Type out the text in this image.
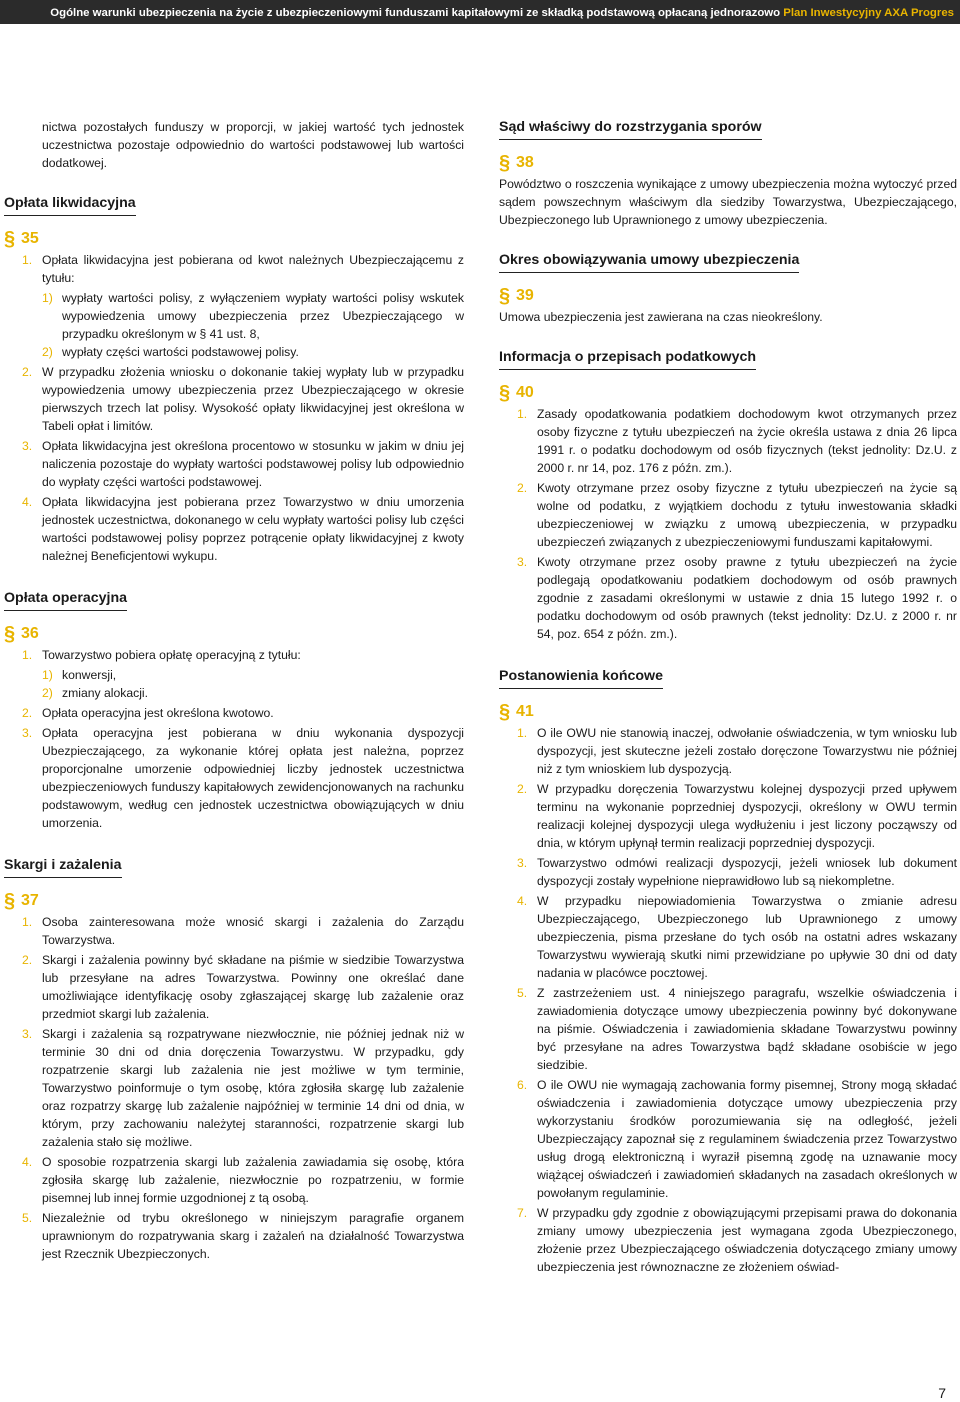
Ogólne warunki ubezpieczenia na życie z ubezpieczeniowymi funduszami kapitałowymi ze składką podstawową opłacaną jednorazowo Plan Inwestycyjny AXA Progres

nictwa pozostałych funduszy w proporcji, w jakiej wartość tych jednostek uczestnictwa pozostaje odpowiednio do wartości podstawowej lub wartości dodatkowej.

Opłata likwidacyjna
§ 35
1. Opłata likwidacyjna jest pobierana od kwot należnych Ubezpieczającemu z tytułu:
1) wypłaty wartości polisy, z wyłączeniem wypłaty wartości polisy wskutek wypowiedzenia umowy ubezpieczenia przez Ubezpieczającego w przypadku określonym w § 41 ust. 8,
2) wypłaty części wartości podstawowej polisy.
2. W przypadku złożenia wniosku o dokonanie takiej wypłaty lub w przypadku wypowiedzenia umowy ubezpieczenia przez Ubezpieczającego w okresie pierwszych trzech lat polisy. Wysokość opłaty likwidacyjnej jest określona w Tabeli opłat i limitów.
3. Opłata likwidacyjna jest określona procentowo w stosunku w jakim w dniu jej naliczenia pozostaje do wypłaty wartości podstawowej polisy lub odpowiednio do wypłaty części wartości podstawowej.
4. Opłata likwidacyjna jest pobierana przez Towarzystwo w dniu umorzenia jednostek uczestnictwa, dokonanego w celu wypłaty wartości polisy lub części wartości podstawowej polisy poprzez potrącenie opłaty likwidacyjnej z kwoty należnej Beneficjentowi wykupu.
Opłata operacyjna
§ 36
1. Towarzystwo pobiera opłatę operacyjną z tytułu:
1) konwersji,
2) zmiany alokacji.
2. Opłata operacyjna jest określona kwotowo.
3. Opłata operacyjna jest pobierana w dniu wykonania dyspozycji Ubezpieczającego, za wykonanie której opłata jest należna, poprzez proporcjonalne umorzenie odpowiedniej liczby jednostek uczestnictwa ubezpieczeniowych funduszy kapitałowych zewidencjonowanych na rachunku podstawowym, według cen jednostek uczestnictwa obowiązujących w dniu umorzenia.
Skargi i zażalenia
§ 37
1. Osoba zainteresowana może wnosić skargi i zażalenia do Zarządu Towarzystwa.
2. Skargi i zażalenia powinny być składane na piśmie w siedzibie Towarzystwa lub przesyłane na adres Towarzystwa. Powinny one określać dane umożliwiające identyfikację osoby zgłaszającej skargę lub zażalenie oraz przedmiot skargi lub zażalenia.
3. Skargi i zażalenia są rozpatrywane niezwłocznie, nie później jednak niż w terminie 30 dni od dnia doręczenia Towarzystwu. W przypadku, gdy rozpatrzenie skargi lub zażalenia nie jest możliwe w tym terminie, Towarzystwo poinformuje o tym osobę, która zgłosiła skargę lub zażalenie oraz rozpatrzy skargę lub zażalenie najpóźniej w terminie 14 dni od dnia, w którym, przy zachowaniu należytej staranności, rozpatrzenie skargi lub zażalenia stało się możliwe.
4. O sposobie rozpatrzenia skargi lub zażalenia zawiadamia się osobę, która zgłosiła skargę lub zażalenie, niezwłocznie po rozpatrzeniu, w formie pisemnej lub innej formie uzgodnionej z tą osobą.
5. Niezależnie od trybu określonego w niniejszym paragrafie organem uprawnionym do rozpatrywania skarg i zażaleń na działalność Towarzystwa jest Rzecznik Ubezpieczonych.
Sąd właściwy do rozstrzygania sporów
§ 38

Powództwo o roszczenia wynikające z umowy ubezpieczenia można wytoczyć przed sądem powszechnym właściwym dla siedziby Towarzystwa, Ubezpieczającego, Ubezpieczonego lub Uprawnionego z umowy ubezpieczenia.

Okres obowiązywania umowy ubezpieczenia
§ 39

Umowa ubezpieczenia jest zawierana na czas nieokreślony.

Informacja o przepisach podatkowych
§ 40
1. Zasady opodatkowania podatkiem dochodowym kwot otrzymanych przez osoby fizyczne z tytułu ubezpieczeń na życie określa ustawa z dnia 26 lipca 1991 r. o podatku dochodowym od osób fizycznych (tekst jednolity: Dz.U. z 2000 r. nr 14, poz. 176 z późn. zm.).
2. Kwoty otrzymane przez osoby fizyczne z tytułu ubezpieczeń na życie są wolne od podatku, z wyjątkiem dochodu z tytułu inwestowania składki ubezpieczeniowej w związku z umową ubezpieczenia, w przypadku ubezpieczeń związanych z ubezpieczeniowymi funduszami kapitałowymi.
3. Kwoty otrzymane przez osoby prawne z tytułu ubezpieczeń na życie podlegają opodatkowaniu podatkiem dochodowym od osób prawnych zgodnie z zasadami określonymi w ustawie z dnia 15 lutego 1992 r. o podatku dochodowym od osób prawnych (tekst jednolity: Dz.U. z 2000 r. nr 54, poz. 654 z późn. zm.).
Postanowienia końcowe
§ 41
1. O ile OWU nie stanowią inaczej, odwołanie oświadczenia, w tym wniosku lub dyspozycji, jest skuteczne jeżeli zostało doręczone Towarzystwu nie później niż z tym wnioskiem lub dyspozycją.
2. W przypadku doręczenia Towarzystwu kolejnej dyspozycji przed upływem terminu na wykonanie poprzedniej dyspozycji, określony w OWU termin realizacji kolejnej dyspozycji ulega wydłużeniu i jest liczony począwszy od dnia, w którym upłynął termin realizacji poprzedniej dyspozycji.
3. Towarzystwo odmówi realizacji dyspozycji, jeżeli wniosek lub dokument dyspozycji zostały wypełnione nieprawidłowo lub są niekompletne.
4. W przypadku niepowiadomienia Towarzystwa o zmianie adresu Ubezpieczającego, Ubezpieczonego lub Uprawnionego z umowy ubezpieczenia, pisma przesłane do tych osób na ostatni adres wskazany Towarzystwu wywierają skutki nimi przewidziane po upływie 30 dni od daty nadania w placówce pocztowej.
5. Z zastrzeżeniem ust. 4 niniejszego paragrafu, wszelkie oświadczenia i zawiadomienia dotyczące umowy ubezpieczenia powinny być dokonywane na piśmie. Oświadczenia i zawiadomienia składane Towarzystwu powinny być przesyłane na adres Towarzystwa bądź składane osobiście w jego siedzibie.
6. O ile OWU nie wymagają zachowania formy pisemnej, Strony mogą składać oświadczenia i zawiadomienia dotyczące umowy ubezpieczenia przy wykorzystaniu środków porozumiewania się na odległość, jeżeli Ubezpieczający zapoznał się z regulaminem świadczenia przez Towarzystwo usług drogą elektroniczną i wyraził pisemną zgodę na uznawanie mocy wiążącej oświadczeń i zawiadomień składanych na zasadach określonych w powołanym regulaminie.
7. W przypadku gdy zgodnie z obowiązującymi przepisami prawa do dokonania zmiany umowy ubezpieczenia jest wymagana zgoda Ubezpieczonego, złożenie przez Ubezpieczającego oświadczenia dotyczącego zmiany umowy ubezpieczenia jest równoznaczne ze złożeniem oświad-
7
